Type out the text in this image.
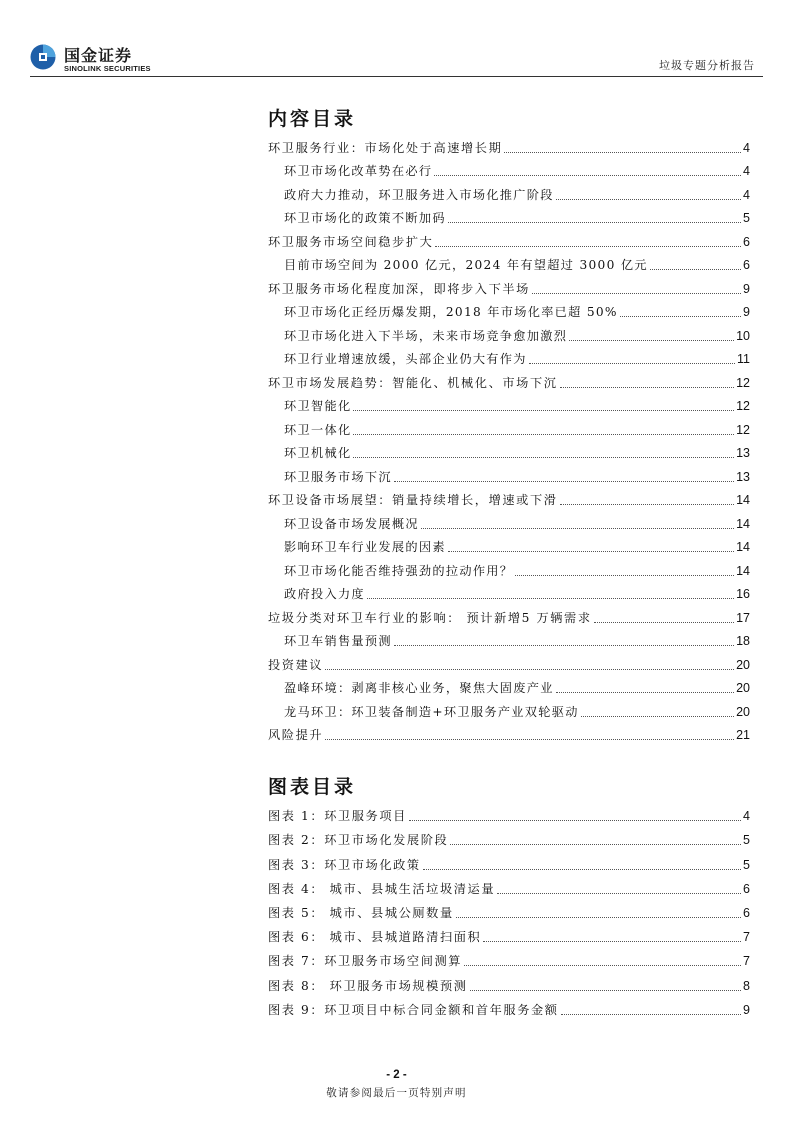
国金证券
SINOLINK SECURITIES	垃圾专题分析报告
内容目录
环卫服务行业：市场化处于高速增长期	4
环卫市场化改革势在必行	4
政府大力推动，环卫服务进入市场化推广阶段	4
环卫市场化的政策不断加码	5
环卫服务市场空间稳步扩大	6
目前市场空间为 2000 亿元，2024 年有望超过 3000 亿元	6
环卫服务市场化程度加深，即将步入下半场	9
环卫市场化正经历爆发期，2018 年市场化率已超 50%	9
环卫市场化进入下半场，未来市场竞争愈加激烈	10
环卫行业增速放缓，头部企业仍大有作为	11
环卫市场发展趋势：智能化、机械化、市场下沉	12
环卫智能化	12
环卫一体化	12
环卫机械化	13
环卫服务市场下沉	13
环卫设备市场展望：销量持续增长，增速或下滑	14
环卫设备市场发展概况	14
影响环卫车行业发展的因素	14
环卫市场化能否维持强劲的拉动作用？	14
政府投入力度	16
垃圾分类对环卫车行业的影响： 预计新增5 万辆需求	17
环卫车销售量预测	18
投资建议	20
盈峰环境：剥离非核心业务，聚焦大固废产业	20
龙马环卫：环卫装备制造+环卫服务产业双轮驱动	20
风险提升	21
图表目录
图表 1：环卫服务项目	4
图表 2：环卫市场化发展阶段	5
图表 3：环卫市场化政策	5
图表 4： 城市、县城生活垃圾清运量	6
图表 5： 城市、县城公厕数量	6
图表 6： 城市、县城道路清扫面积	7
图表 7：环卫服务市场空间测算	7
图表 8： 环卫服务市场规模预测	8
图表 9：环卫项目中标合同金额和首年服务金额	9
- 2 -
敬请参阅最后一页特别声明
